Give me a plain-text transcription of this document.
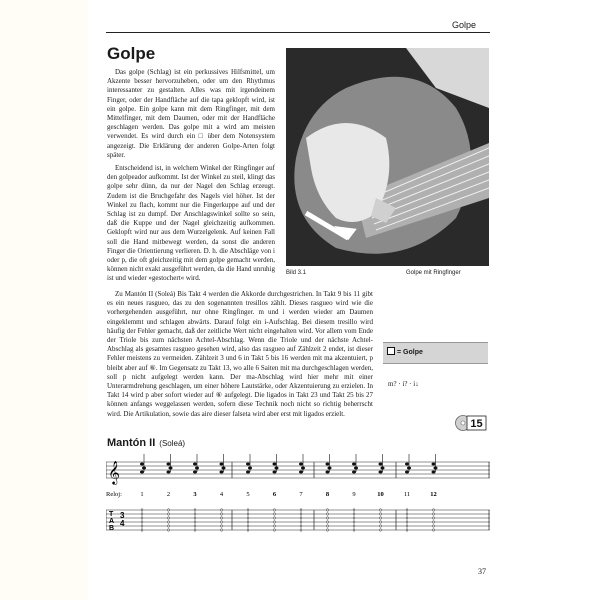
Golpe
Golpe

Das golpe (Schlag) ist ein perkussives Hilfsmittel, um Akzente besser hervorzuheben, oder um den Rhythmus interessanter zu gestalten. Alles was mit irgendeinem Finger, oder der Handfläche auf die tapa geklopft wird, ist ein golpe. Ein golpe kann mit dem Ringfinger, mit dem Mittelfinger, mit dem Daumen, oder mit der Handfläche geschlagen werden. Das golpe mit a wird am meisten verwendet. Es wird durch ein □ über dem Notensystem angezeigt. Die Erklärung der anderen Golpe-Arten folgt später.

Entscheidend ist, in welchem Winkel der Ringfinger auf den golpeador aufkommt. Ist der Winkel zu steil, klingt das golpe sehr dünn, da nur der Nagel den Schlag erzeugt. Zudem ist die Bruchgefahr des Nagels viel höher. Ist der Winkel zu flach, kommt nur die Fingerkuppe auf und der Schlag ist zu dumpf. Der Anschlagswinkel sollte so sein, daß die Kuppe und der Nagel gleichzeitig aufkommen. Geklopft wird nur aus dem Wurzelgelenk. Auf keinen Fall soll die Hand mitbewegt werden, da sonst die anderen Finger die Orientierung verlieren. D. h. die Abschläge von i oder p, die oft gleichzeitig mit dem golpe gemacht werden, können nicht exakt ausgeführt werden, da die Hand unruhig ist und wieder »gestochert« wird.

Bild 3.1	Golpe mit Ringfinger

Zu Mantón II (Soleá) Bis Takt 4 werden die Akkorde durchgestrichen. In Takt 9 bis 11 gibt es ein neues rasgueo, das zu den sogenannten tresillos zählt. Dieses rasgueo wird wie die vorhergehenden ausgeführt, nur ohne Ringfinger. m und i werden wieder am Daumen eingeklemmt und schlagen abwärts. Darauf folgt ein i-Aufschlag. Bei diesem tresillo wird häufig der Fehler gemacht, daß der zeitliche Wert nicht eingehalten wird. Vor allem vom Ende der Triole bis zum nächsten Achtel-Abschlag. Wenn die Triole und der nächste Achtel-Abschlag als gesamtes rasgueo gesehen wird, also das rasgueo auf Zählzeit 2 endet, ist dieser Fehler meistens zu vermeiden. Zählzeit 3 und 6 in Takt 5 bis 16 werden mit ma akzentuiert, p bleibt aber auf ⑥. Im Gegensatz zu Takt 13, wo alle 6 Saiten mit ma durchgeschlagen werden, soll p nicht aufgelegt werden kann. Der ma-Abschlag wird hier mehr mit einer Unterarmdrehung geschlagen, um einer höhere Lautstärke, oder Akzentuierung zu erzielen. In Takt 14 wird p aber sofort wieder auf ⑥ aufgelegt. Die ligados in Takt 23 und Takt 25 bis 27 können anfangs weggelassen werden, sofern diese Technik noch nicht so richtig beherrscht wird. Die Artikulation, sowie das aire dieser falseta wird aber erst mit ligados erzielt.

= Golpe
m? · i? · i↓
15
Mantón II (Soleá)
𝄞
Reloj:	1	2	3	4	5	6	7	8	9	10	11	12
T
A
B
3
4
0
0
0
0
0
0
0
0
0
0
0
0
0
0
0
0
0
0
0
0
0
0
0
0
0
0
0
0
0
0
0
0
0
0
0
0
0
0
0
0
0
0
0
0
0
0
0
0
0
0
0
0
0
0
0
0
0
0
0
0
0
0
0
0
0
0
0
0
0
0
0
0
37
